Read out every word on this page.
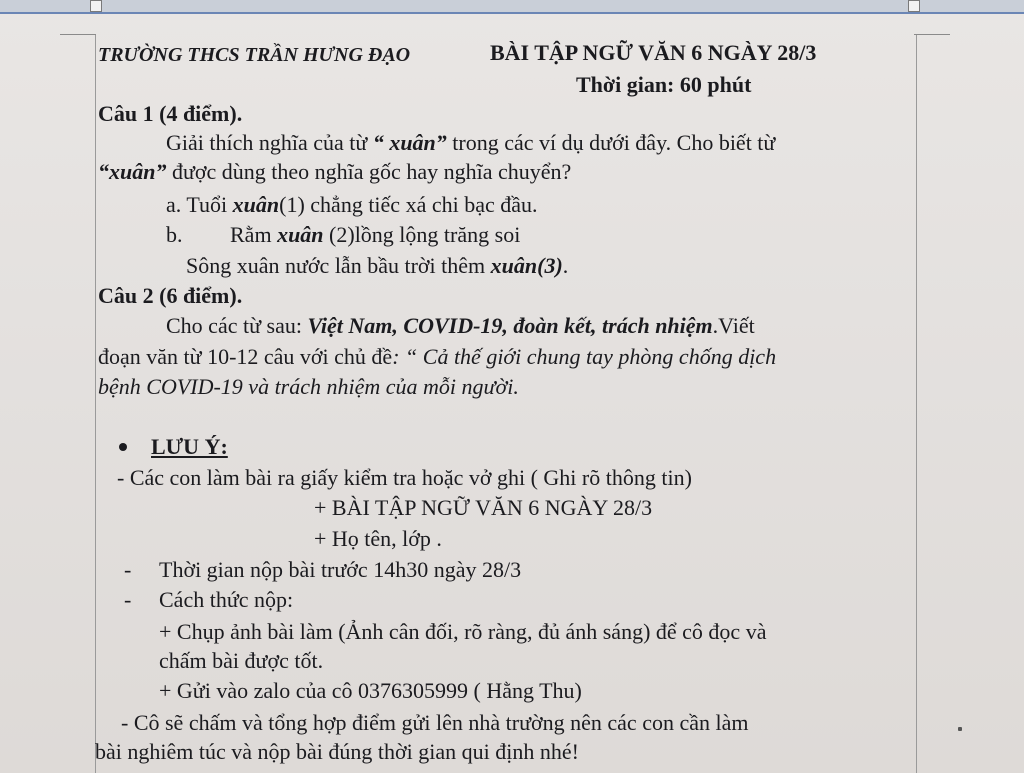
TRƯỜNG THCS TRẦN HƯNG ĐẠO	BÀI TẬP NGỮ VĂN 6 NGÀY 28/3
Thời gian: 60 phút
Câu 1 (4 điểm).
Giải thích nghĩa của từ “ xuân” trong các ví dụ dưới đây. Cho biết từ
“xuân” được dùng theo nghĩa gốc hay nghĩa chuyển?
a. Tuổi xuân(1) chẳng tiếc xá chi bạc đầu.
b. Rằm xuân (2)lồng lộng trăng soi
Sông xuân nước lẫn bầu trời thêm xuân(3).
Câu 2 (6 điểm).
Cho các từ sau: Việt Nam, COVID-19, đoàn kết, trách nhiệm.Viết
đoạn văn từ 10-12 câu với chủ đề: “ Cả thế giới chung tay phòng chống dịch
bệnh COVID-19 và trách nhiệm của mỗi người.
LƯU Ý:
- Các con làm bài ra giấy kiểm tra hoặc vở ghi ( Ghi rõ thông tin)
+ BÀI TẬP NGỮ VĂN 6 NGÀY 28/3
+ Họ tên, lớp .
- Thời gian nộp bài trước 14h30 ngày 28/3
- Cách thức nộp:
+ Chụp ảnh bài làm (Ảnh cân đối, rõ ràng, đủ ánh sáng) để cô đọc và
chấm bài được tốt.
+ Gửi vào zalo của cô 0376305999 ( Hằng Thu)
- Cô sẽ chấm và tổng hợp điểm gửi lên nhà trường nên các con cần làm
bài nghiêm túc và nộp bài đúng thời gian qui định nhé!
